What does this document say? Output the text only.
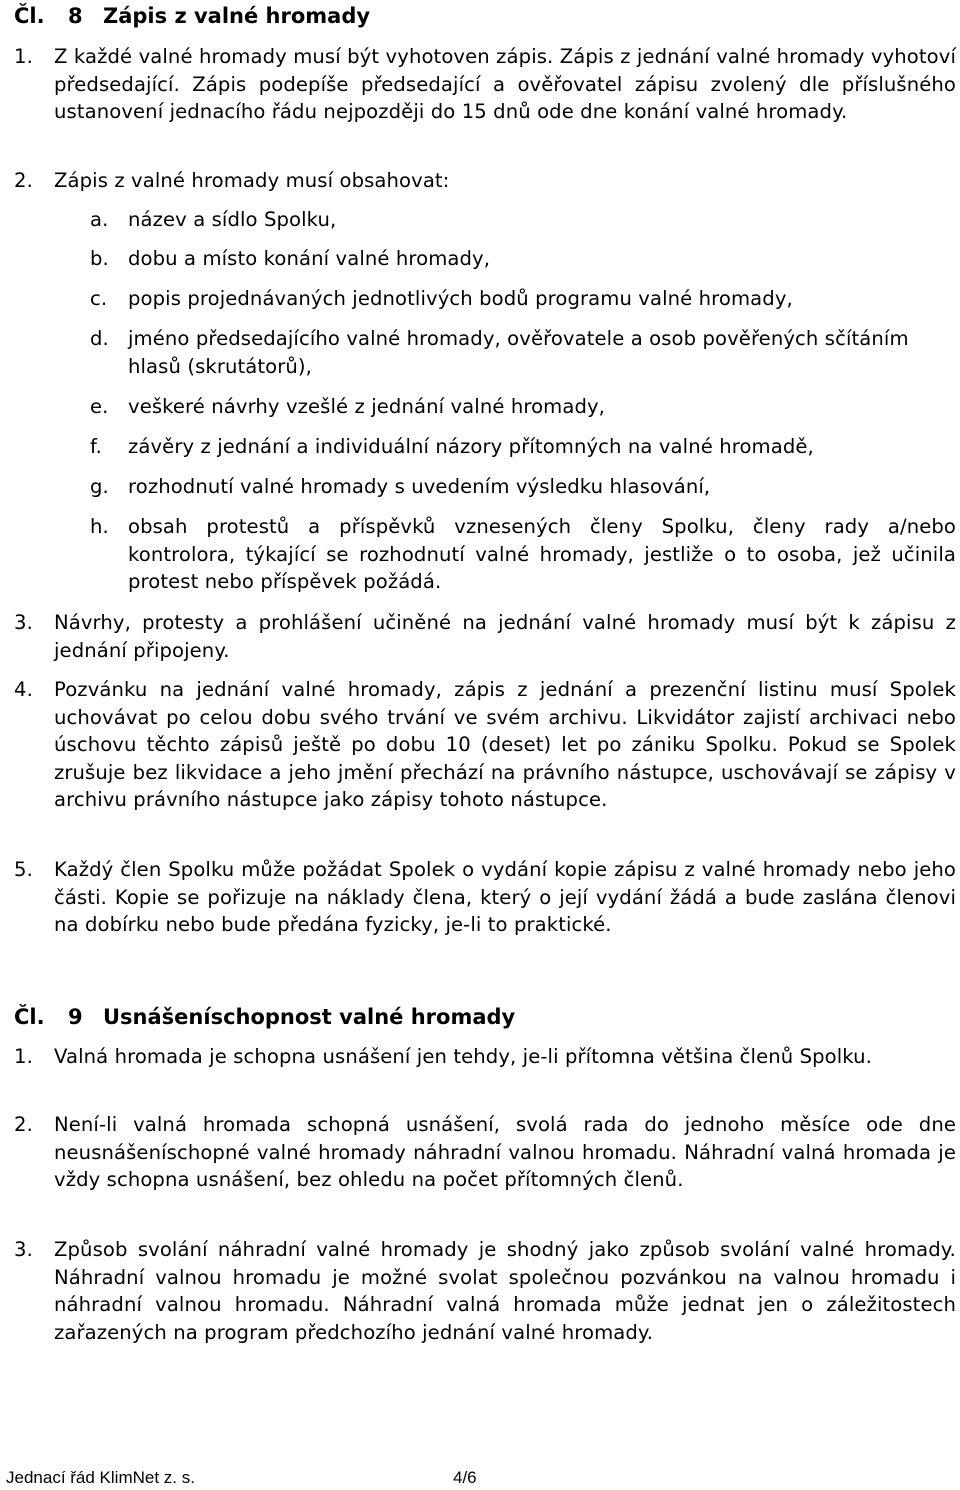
Čl. 8 Zápis z valné hromady
1. Z každé valné hromady musí být vyhotoven zápis. Zápis z jednání valné hromady vyhotoví předsedající. Zápis podepíše předsedající a ověřovatel zápisu zvolený dle příslušného ustanovení jednacího řádu nejpozději do 15 dnů ode dne konání valné hromady.
2. Zápis z valné hromady musí obsahovat:
a. název a sídlo Spolku,
b. dobu a místo konání valné hromady,
c. popis projednávaných jednotlivých bodů programu valné hromady,
d. jméno předsedajícího valné hromady, ověřovatele a osob pověřených sčítáním hlasů (skrutátorů),
e. veškeré návrhy vzešlé z jednání valné hromady,
f. závěry z jednání a individuální názory přítomných na valné hromadě,
g. rozhodnutí valné hromady s uvedením výsledku hlasování,
h. obsah protestů a příspěvků vznesených členy Spolku, členy rady a/nebo kontrolora, týkající se rozhodnutí valné hromady, jestliže o to osoba, jež učinila protest nebo příspěvek požádá.
3. Návrhy, protesty a prohlášení učiněné na jednání valné hromady musí být k zápisu z jednání připojeny.
4. Pozvánku na jednání valné hromady, zápis z jednání a prezenční listinu musí Spolek uchovávat po celou dobu svého trvání ve svém archivu. Likvidátor zajistí archivaci nebo úschovu těchto zápisů ještě po dobu 10 (deset) let po zániku Spolku. Pokud se Spolek zrušuje bez likvidace a jeho jmění přechází na právního nástupce, uschovávají se zápisy v archivu právního nástupce jako zápisy tohoto nástupce.
5. Každý člen Spolku může požádat Spolek o vydání kopie zápisu z valné hromady nebo jeho části. Kopie se pořizuje na náklady člena, který o její vydání žádá a bude zaslána členovi na dobírku nebo bude předána fyzicky, je-li to praktické.
Čl. 9 Usnášeníschopnost valné hromady
1. Valná hromada je schopna usnášení jen tehdy, je-li přítomna většina členů Spolku.
2. Není-li valná hromada schopná usnášení, svolá rada do jednoho měsíce ode dne neusnášeníschopné valné hromady náhradní valnou hromadu. Náhradní valná hromada je vždy schopna usnášení, bez ohledu na počet přítomných členů.
3. Způsob svolání náhradní valné hromady je shodný jako způsob svolání valné hromady. Náhradní valnou hromadu je možné svolat společnou pozvánkou na valnou hromadu i náhradní valnou hromadu. Náhradní valná hromada může jednat jen o záležitostech zařazených na program předchozího jednání valné hromady.
Jednací řád KlimNet z. s.	4/6
